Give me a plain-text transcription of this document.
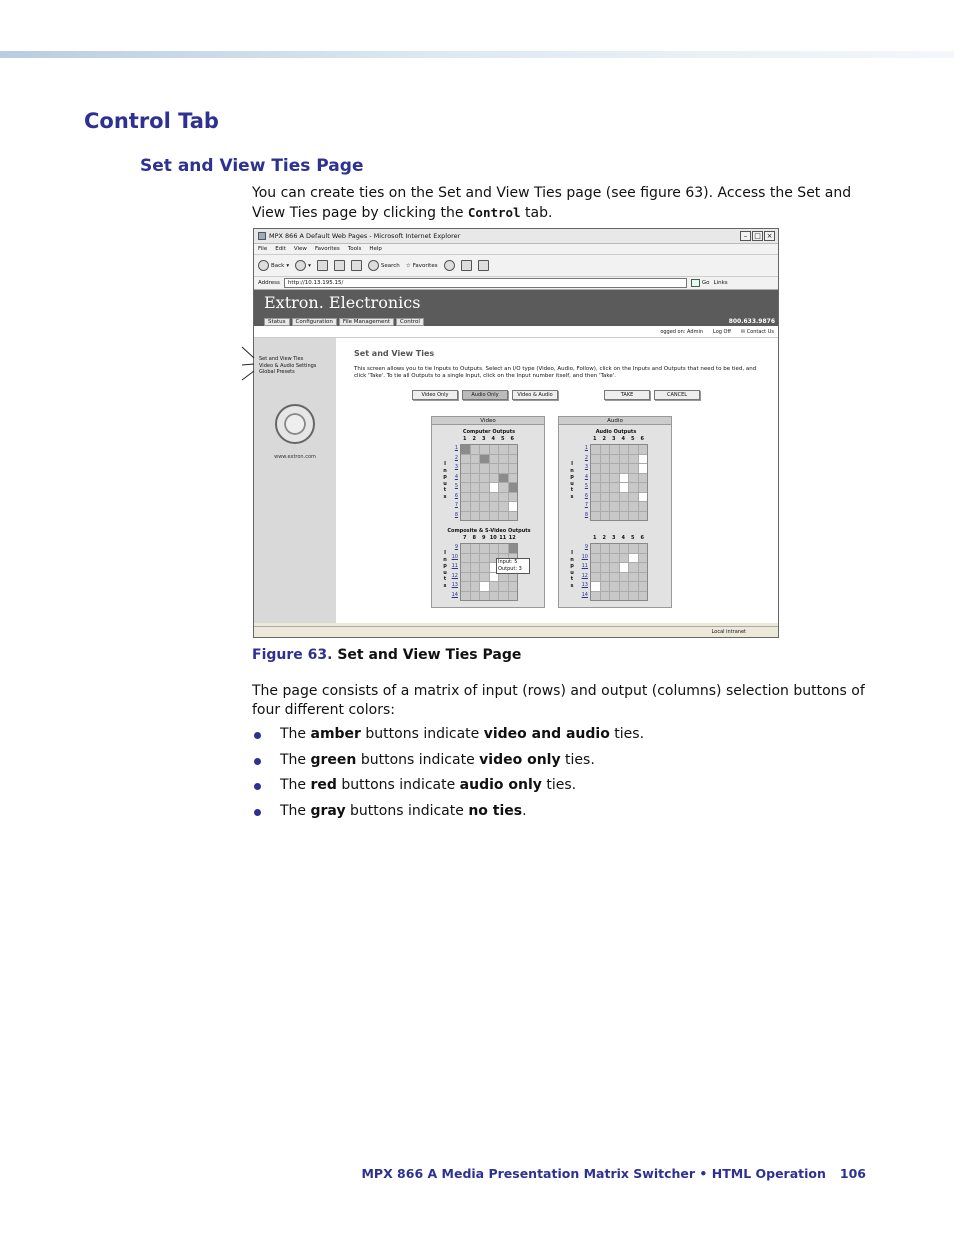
Control Tab
Set and View Ties Page

You can create ties on the Set and View Ties page (see figure 63). Access the Set and View Ties page by clicking the Control tab.

MPX 866 A Default Web Pages - Microsoft Internet Explorer	– □ ×
File Edit View Favorites Tools Help
Back ▾	▾	Search ☆ Favorites
Address	http://10.13.195.15/	Go Links
Extron. Electronics
Status	Configuration	File Management	Control	800.633.9876
ogged on: Admin Log Off ✉ Contact Us
Set and View Ties
Video & Audio Settings
Global Presets
www.extron.com
Set and View Ties
This screen allows you to tie Inputs to Outputs. Select an I/O type (Video, Audio, Follow), click on the Inputs and Outputs that need to be tied, and click 'Take'. To tie all Outputs to a single Input, click on the Input number itself, and then 'Take'.
Video Only	Audio Only	Video & Audio	TAKE	CANCEL
Video
Computer Outputs
1	2	3	4	5	6
I
n
p
u
t
s
1
2
3
4
5
6
7
8
Composite & S-Video Outputs
7	8	9 10 11 12
I
n
p
u
t
s
9
10
11
12
13
14
Audio
Audio Outputs
1	2	3	4	5	6
I
n
p
u
t
s
1
2
3
4
5
6
7
8
1	2	3	4	5	6
I
n
p
u
t
s
9
10
11
12
13
14
Input: 5
Output: 3
Local intranet
Figure 63. Set and View Ties Page

The page consists of a matrix of input (rows) and output (columns) selection buttons of four different colors:

The amber buttons indicate video and audio ties.
The green buttons indicate video only ties.
The red buttons indicate audio only ties.
The gray buttons indicate no ties.
MPX 866 A Media Presentation Matrix Switcher • HTML Operation 106
